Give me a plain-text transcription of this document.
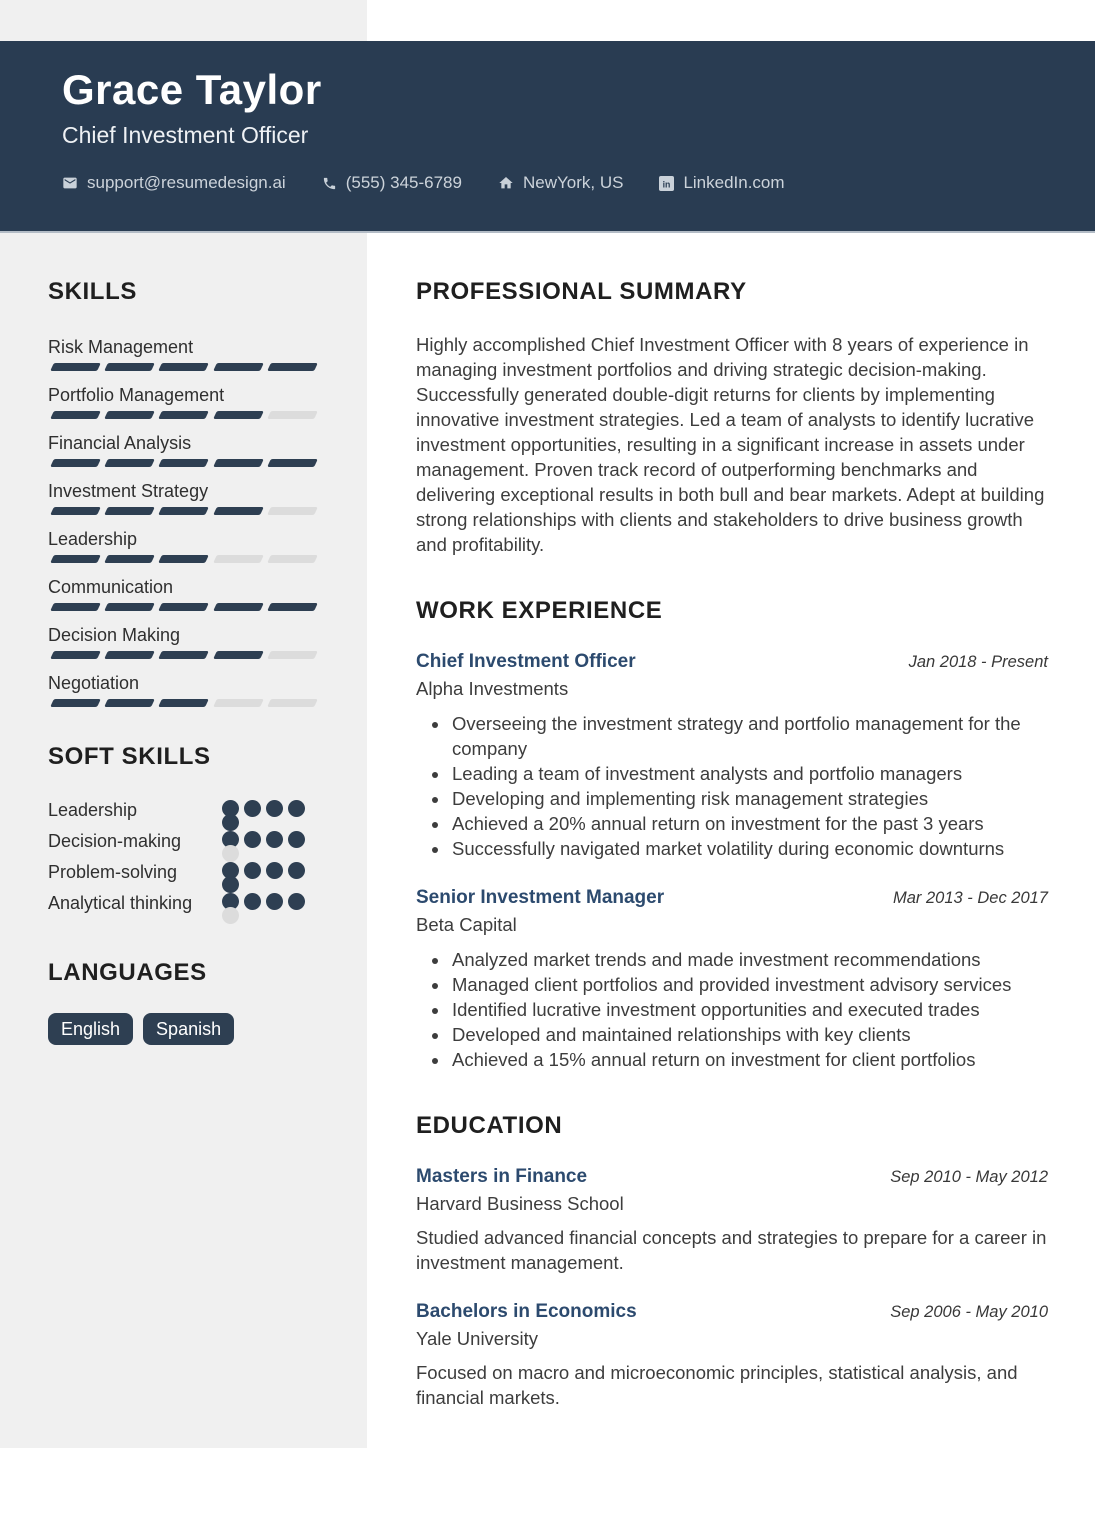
Grace Taylor
Chief Investment Officer
support@resumedesign.ai	(555) 345-6789	NewYork, US	in LinkedIn.com
SKILLS
Risk Management
Portfolio Management
Financial Analysis
Investment Strategy
Leadership
Communication
Decision Making
Negotiation
SOFT SKILLS
Leadership
Decision-making
Problem-solving
Analytical thinking
LANGUAGES
English	Spanish
PROFESSIONAL SUMMARY

Highly accomplished Chief Investment Officer with 8 years of experience in managing investment portfolios and driving strategic decision-making. Successfully generated double-digit returns for clients by implementing innovative investment strategies. Led a team of analysts to identify lucrative investment opportunities, resulting in a significant increase in assets under management. Proven track record of outperforming benchmarks and delivering exceptional results in both bull and bear markets. Adept at building strong relationships with clients and stakeholders to drive business growth and profitability.

WORK EXPERIENCE
Chief Investment Officer	Jan 2018 - Present
Alpha Investments
• Overseeing the investment strategy and portfolio management for the company
• Leading a team of investment analysts and portfolio managers
• Developing and implementing risk management strategies
• Achieved a 20% annual return on investment for the past 3 years
• Successfully navigated market volatility during economic downturns
Senior Investment Manager	Mar 2013 - Dec 2017
Beta Capital
• Analyzed market trends and made investment recommendations
• Managed client portfolios and provided investment advisory services
• Identified lucrative investment opportunities and executed trades
• Developed and maintained relationships with key clients
• Achieved a 15% annual return on investment for client portfolios
EDUCATION
Masters in Finance	Sep 2010 - May 2012
Harvard Business School

Studied advanced financial concepts and strategies to prepare for a career in investment management.

Bachelors in Economics	Sep 2006 - May 2010
Yale University

Focused on macro and microeconomic principles, statistical analysis, and financial markets.
